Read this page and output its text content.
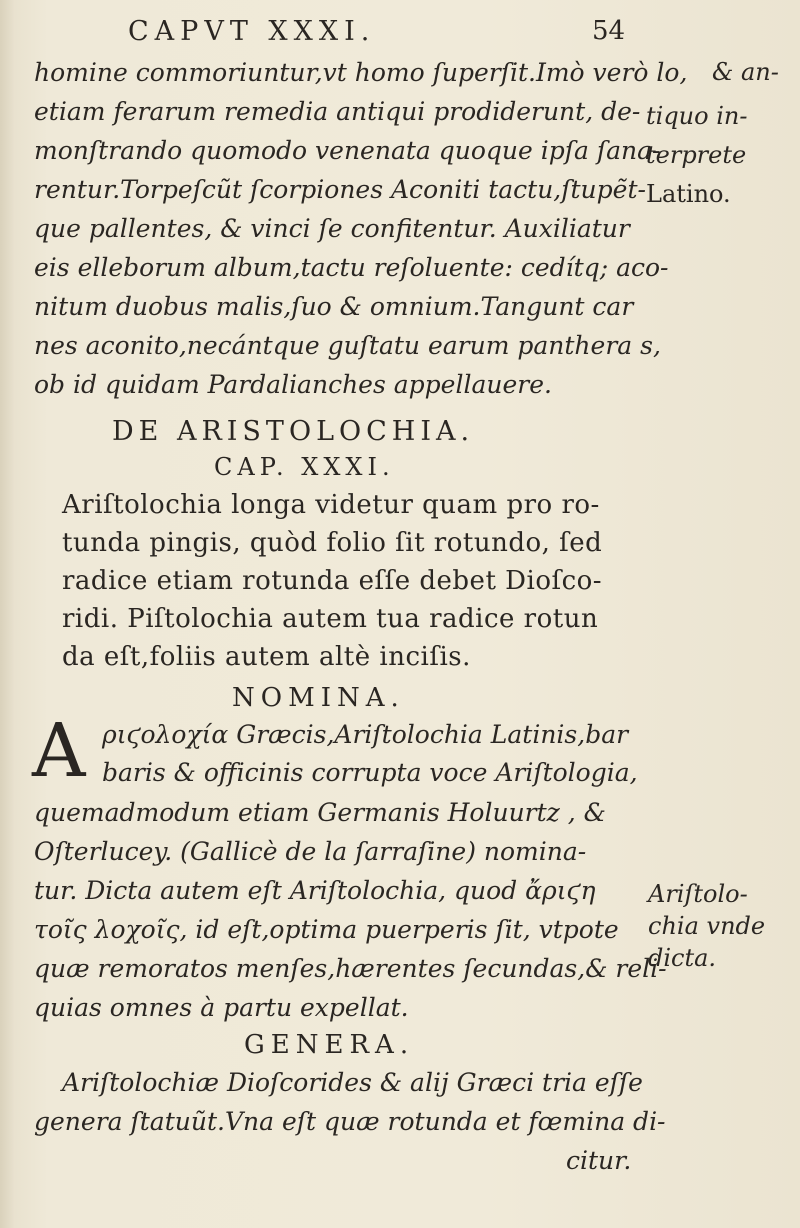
CAPVT XXXI.	54
homine commoriuntur,vt homo ſuperſit.Imò verò lo,
etiam ferarum remedia antiqui prodiderunt, de-
monſtrando quomodo venenata quoque ipſa ſana-
rentur.Torpeſcũt ſcorpiones Aconiti tactu,ſtupẽt-
que pallentes, & vinci ſe confitentur. Auxiliatur
eis elleborum album,tactu reſoluente: cedítq; aco-
nitum duobus malis,ſuo & omnium.Tangunt car
nes aconito,necántque guſtatu earum panthera s,
ob id quidam Pardalianches appellauere.
& an-
tiquo in-
terprete
Latino.
DE ARISTOLOCHIA.
CAP. XXXI.
Ariſtolochia longa videtur quam pro ro-
tunda pingis, quòd folio ſit rotundo, ſed
radice etiam rotunda eſſe debet Dioſco-
ridi. Piſtolochia autem tua radice rotun
da eſt,foliis autem altè inciſis.
NOMINA.
A ριϛολοχία Græcis,Ariſtolochia Latinis,bar
baris & officinis corrupta voce Ariſtologia,
quemadmodum etiam Germanis Holuurtz , &
Oſterlucey. (Gallicè de la ſarraſine) nomina-
tur. Dicta autem eſt Ariſtolochia, quod ἄριϛη
τοῖς λοχοῖς, id eſt,optima puerperis ſit, vtpote
quæ remoratos menſes,hærentes ſecundas,& reli-
quias omnes à partu expellat.
Ariſtolo-
chia vnde
dicta.
GENERA.
Ariſtolochiæ Dioſcorides & alij Græci tria eſſe
genera ſtatuũt.Vna eſt quæ rotunda et fœmina di-
citur.
